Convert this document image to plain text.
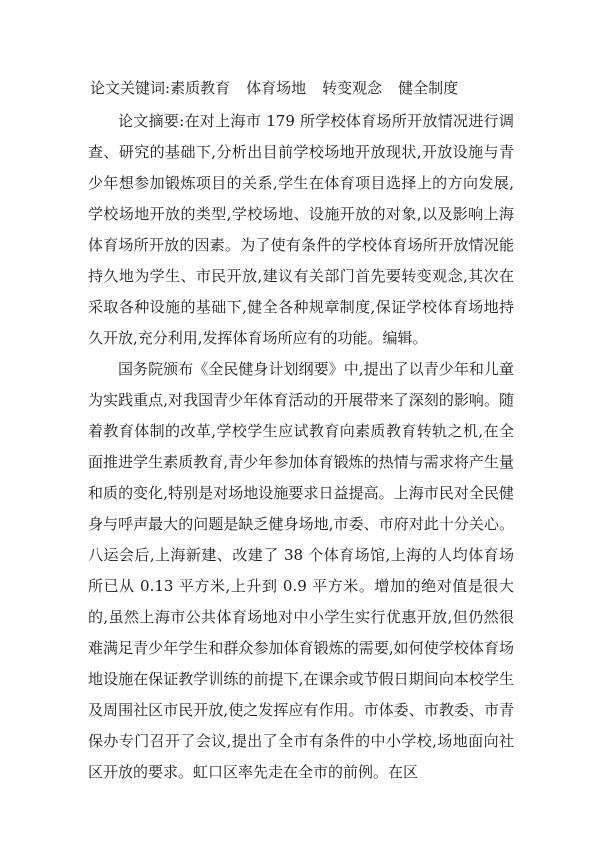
论文关键词:素质教育 体育场地 转变观念 健全制度

论文摘要:在对上海市 179 所学校体育场所开放情况进行调查、研究的基础下,分析出目前学校场地开放现状,开放设施与青少年想参加锻炼项目的关系,学生在体育项目选择上的方向发展,学校场地开放的类型,学校场地、设施开放的对象,以及影响上海体育场所开放的因素。为了使有条件的学校体育场所开放情况能持久地为学生、市民开放,建议有关部门首先要转变观念,其次在采取各种设施的基础下,健全各种规章制度,保证学校体育场地持久开放,充分利用,发挥体育场所应有的功能。编辑。

国务院颁布《全民健身计划纲要》中,提出了以青少年和儿童为实践重点,对我国青少年体育活动的开展带来了深刻的影响。随着教育体制的改革,学校学生应试教育向素质教育转轨之机,在全面推进学生素质教育,青少年参加体育锻炼的热情与需求将产生量和质的变化,特别是对场地设施要求日益提高。上海市民对全民健身与呼声最大的问题是缺乏健身场地,市委、市府对此十分关心。八运会后,上海新建、改建了 38 个体育场馆,上海的人均体育场所已从 0.13 平方米,上升到 0.9 平方米。增加的绝对值是很大的,虽然上海市公共体育场地对中小学生实行优惠开放,但仍然很难满足青少年学生和群众参加体育锻炼的需要,如何使学校体育场地设施在保证教学训练的前提下,在课余或节假日期间向本校学生及周围社区市民开放,使之发挥应有作用。市体委、市教委、市青保办专门召开了会议,提出了全市有条件的中小学校,场地面向社区开放的要求。虹口区率先走在全市的前例。在区
